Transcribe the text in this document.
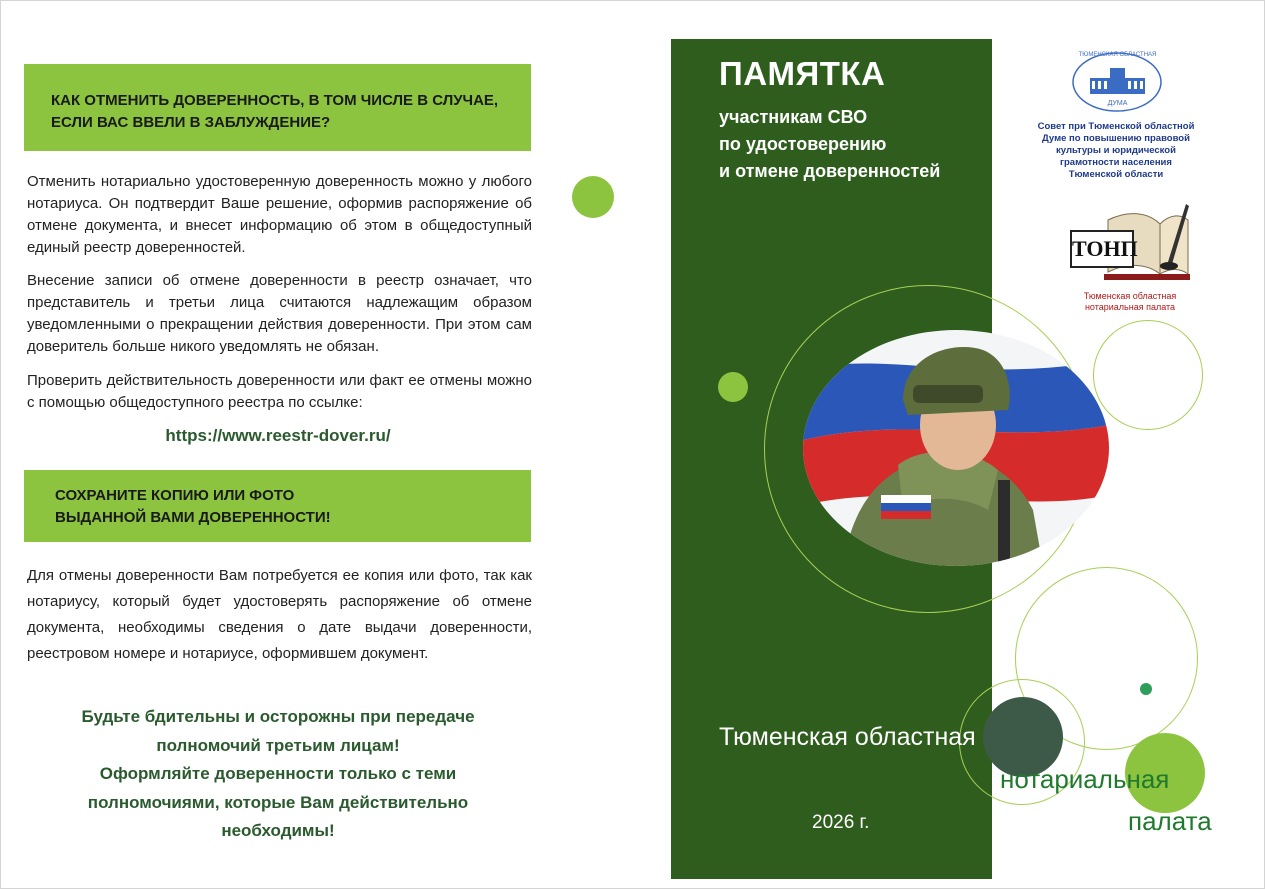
КАК ОТМЕНИТЬ ДОВЕРЕННОСТЬ, В ТОМ ЧИСЛЕ В СЛУЧАЕ,
ЕСЛИ ВАС ВВЕЛИ В ЗАБЛУЖДЕНИЕ?

Отменить нотариально удостоверенную доверенность можно у любого нотариуса. Он подтвердит Ваше решение, оформив распоряжение об отмене документа, и внесет информацию об этом в общедоступный единый реестр доверенностей.

Внесение записи об отмене доверенности в реестр означает, что представитель и третьи лица считаются надлежащим образом уведомленными о прекращении действия доверенности. При этом сам доверитель больше никого уведомлять не обязан.

Проверить действительность доверенности или факт ее отмены можно с помощью общедоступного реестра по ссылке:

https://www.reestr-dover.ru/
СОХРАНИТЕ КОПИЮ ИЛИ ФОТО
ВЫДАННОЙ ВАМИ ДОВЕРЕННОСТИ!

Для отмены доверенности Вам потребуется ее копия или фото, так как нотариусу, который будет удостоверять распоряжение об отмене документа, необходимы сведения о дате выдачи доверенности, реестровом номере и нотариусе, оформившем документ.

Будьте бдительны и осторожны при передаче
полномочий третьим лицам!
Оформляйте доверенности только с теми
полномочиями, которые Вам действительно
необходимы!
ПАМЯТКА

участникам СВО
по удостоверению
и отмене доверенностей

Тюменская областная
нотариальная
палата
2026 г.
ТЮМЕНСКАЯ ОБЛАСТНАЯ
ДУМА

Совет при Тюменской областной
Думе по повышению правовой
культуры и юридической
грамотности населения
Тюменской области

ТОНП

Тюменская областная
нотариальная палата
